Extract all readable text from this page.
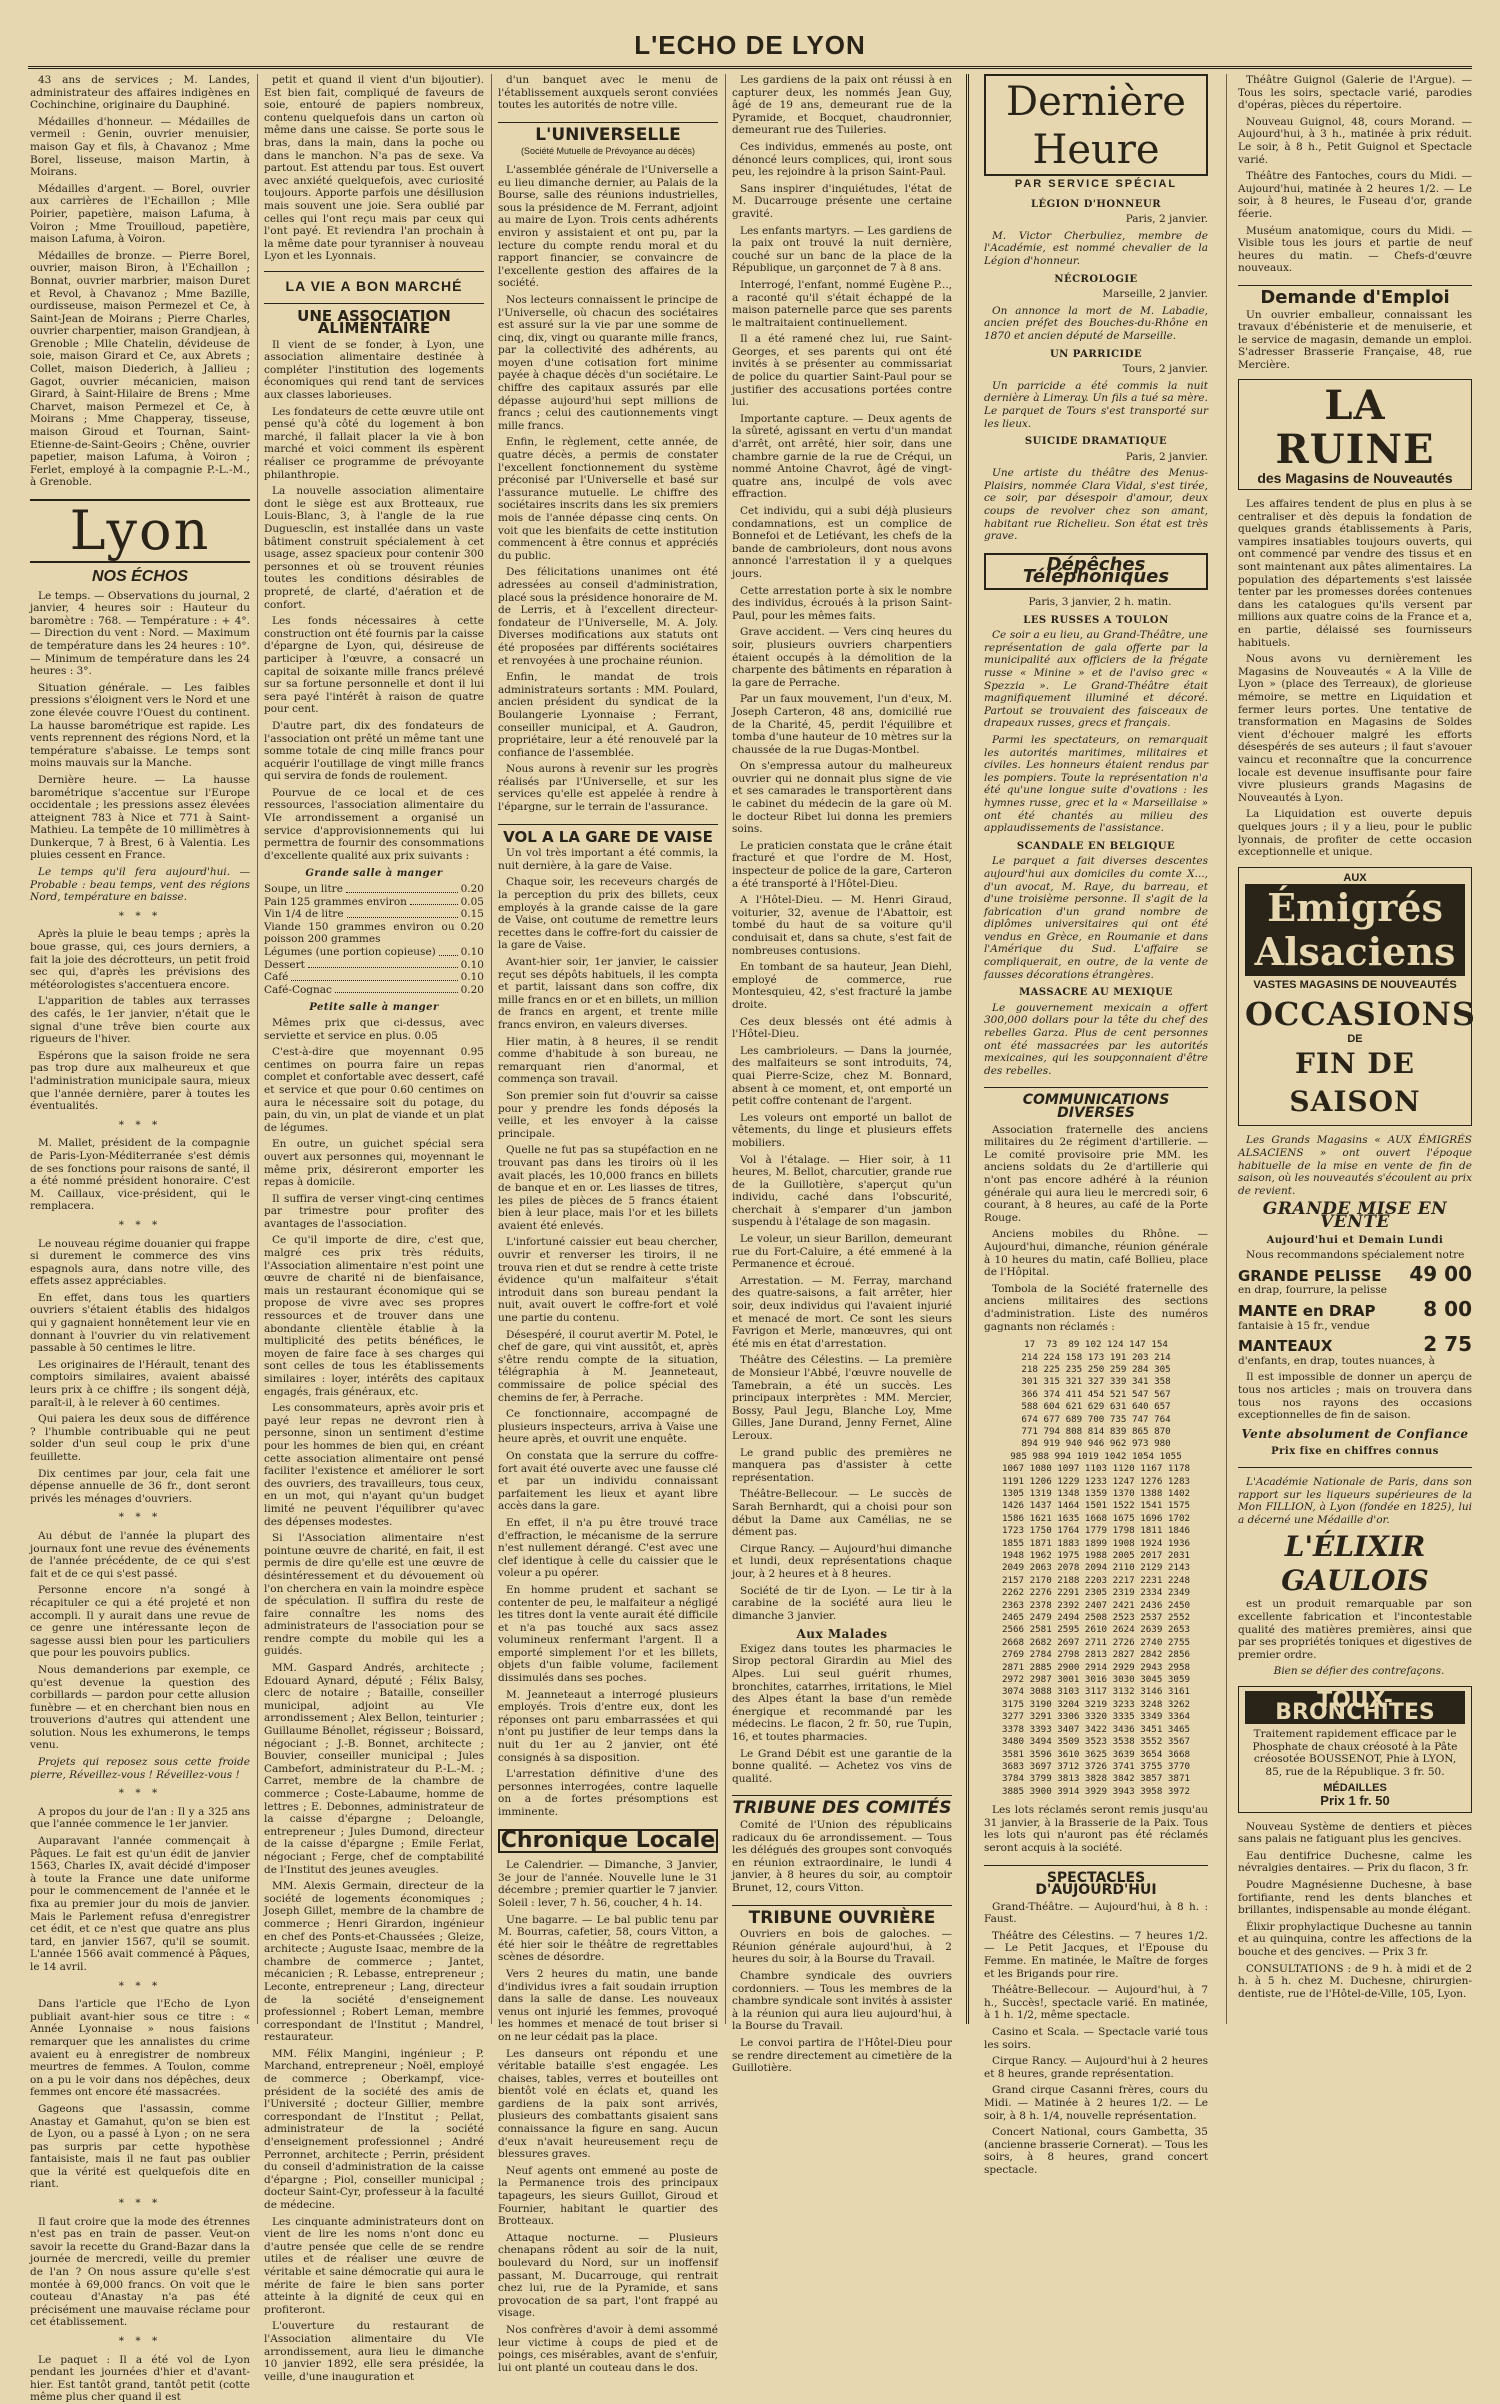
L'ECHO DE LYON

43 ans de services ; M. Landes, administrateur des affaires indigènes en Cochinchine, originaire du Dauphiné.

Médailles d'honneur. — Médailles de vermeil : Genin, ouvrier menuisier, maison Gay et fils, à Chavanoz ; Mme Borel, lisseuse, maison Martin, à Moirans.

Médailles d'argent. — Borel, ouvrier aux carrières de l'Echaillon ; Mlle Poirier, papetière, maison Lafuma, à Voiron ; Mme Trouilloud, papetière, maison Lafuma, à Voiron.

Médailles de bronze. — Pierre Borel, ouvrier, maison Biron, à l'Echaillon ; Bonnat, ouvrier marbrier, maison Duret et Revol, à Chavanoz ; Mme Bazille, ourdisseuse, maison Permezel et Ce, à Saint-Jean de Moirans ; Pierre Charles, ouvrier charpentier, maison Grandjean, à Grenoble ; Mlle Chatelin, dévideuse de soie, maison Girard et Ce, aux Abrets ; Collet, maison Diederich, à Jallieu ; Gagot, ouvrier mécanicien, maison Girard, à Saint-Hilaire de Brens ; Mme Charvet, maison Permezel et Ce, à Moirans ; Mme Chapperay, tisseuse, maison Giroud et Tournan, Saint-Etienne-de-Saint-Geoirs ; Chêne, ouvrier papetier, maison Lafuma, à Voiron ; Ferlet, employé à la compagnie P.-L.-M., à Grenoble.

Lyon
NOS ÉCHOS

Le temps. — Observations du journal, 2 janvier, 4 heures soir : Hauteur du baromètre : 768. — Température : + 4°. — Direction du vent : Nord. — Maximum de température dans les 24 heures : 10°. — Minimum de température dans les 24 heures : 3°.

Situation générale. — Les faibles pressions s'éloignent vers le Nord et une zone élevée couvre l'Ouest du continent. La hausse barométrique est rapide. Les vents reprennent des régions Nord, et la température s'abaisse. Le temps sont moins mauvais sur la Manche.

Dernière heure. — La hausse barométrique s'accentue sur l'Europe occidentale ; les pressions assez élevées atteignent 783 à Nice et 771 à Saint-Mathieu. La tempête de 10 millimètres à Dunkerque, 7 à Brest, 6 à Valentia. Les pluies cessent en France.

Le temps qu'il fera aujourd'hui. — Probable : beau temps, vent des régions Nord, température en baisse.

* * *

Après la pluie le beau temps ; après la boue grasse, qui, ces jours derniers, a fait la joie des décrotteurs, un petit froid sec qui, d'après les prévisions des météorologistes s'accentuera encore.

L'apparition de tables aux terrasses des cafés, le 1er janvier, n'était que le signal d'une trêve bien courte aux rigueurs de l'hiver.

Espérons que la saison froide ne sera pas trop dure aux malheureux et que l'administration municipale saura, mieux que l'année dernière, parer à toutes les éventualités.

* * *

M. Mallet, président de la compagnie de Paris-Lyon-Méditerranée s'est démis de ses fonctions pour raisons de santé, il a été nommé président honoraire. C'est M. Caillaux, vice-président, qui le remplacera.

* * *

Le nouveau régime douanier qui frappe si durement le commerce des vins espagnols aura, dans notre ville, des effets assez appréciables.

En effet, dans tous les quartiers ouvriers s'étaient établis des hidalgos qui y gagnaient honnêtement leur vie en donnant à l'ouvrier du vin relativement passable à 50 centimes le litre.

Les originaires de l'Hérault, tenant des comptoirs similaires, avaient abaissé leurs prix à ce chiffre ; ils songent déjà, paraît-il, à le relever à 60 centimes.

Qui paiera les deux sous de différence ? l'humble contribuable qui ne peut solder d'un seul coup le prix d'une feuillette.

Dix centimes par jour, cela fait une dépense annuelle de 36 fr., dont seront privés les ménages d'ouvriers.

* * *

Au début de l'année la plupart des journaux font une revue des événements de l'année précédente, de ce qui s'est fait et de ce qui s'est passé.

Personne encore n'a songé à récapituler ce qui a été projeté et non accompli. Il y aurait dans une revue de ce genre une intéressante leçon de sagesse aussi bien pour les particuliers que pour les pouvoirs publics.

Nous demanderions par exemple, ce qu'est devenue la question des corbillards — pardon pour cette allusion funèbre — et en cherchant bien nous en trouverions d'autres qui attendent une solution. Nous les exhumerons, le temps venu.

Projets qui reposez sous cette froide pierre, Réveillez-vous ! Réveillez-vous !

* * *

A propos du jour de l'an : Il y a 325 ans que l'année commence le 1er janvier.

Auparavant l'année commençait à Pâques. Le fait est qu'un édit de janvier 1563, Charles IX, avait décidé d'imposer à toute la France une date uniforme pour le commencement de l'année et le fixa au premier jour du mois de janvier. Mais le Parlement refusa d'enregistrer cet édit, et ce n'est que quatre ans plus tard, en janvier 1567, qu'il se soumit. L'année 1566 avait commencé à Pâques, le 14 avril.

* * *

Dans l'article que l'Echo de Lyon publiait avant-hier sous ce titre : « Année Lyonnaise » nous faisions remarquer que les annalistes du crime avaient eu à enregistrer de nombreux meurtres de femmes. A Toulon, comme on a pu le voir dans nos dépêches, deux femmes ont encore été massacrées.

Gageons que l'assassin, comme Anastay et Gamahut, qu'on se bien est de Lyon, ou a passé à Lyon ; on ne sera pas surpris par cette hypothèse fantaisiste, mais il ne faut pas oublier que la vérité est quelquefois dite en riant.

* * *

Il faut croire que la mode des étrennes n'est pas en train de passer. Veut-on savoir la recette du Grand-Bazar dans la journée de mercredi, veille du premier de l'an ? On nous assure qu'elle s'est montée à 69,000 francs. On voit que le couteau d'Anastay n'a pas été précisément une mauvaise réclame pour cet établissement.

* * *

Le paquet : Il a été vol de Lyon pendant les journées d'hier et d'avant-hier. Est tantôt grand, tantôt petit (cotte même plus cher quand il est

petit et quand il vient d'un bijoutier). Est bien fait, compliqué de faveurs de soie, entouré de papiers nombreux, contenu quelquefois dans un carton où même dans une caisse. Se porte sous le bras, dans la main, dans la poche ou dans le manchon. N'a pas de sexe. Va partout. Est attendu par tous. Est ouvert avec anxiété quelquefois, avec curiosité toujours. Apporte parfois une désillusion mais souvent une joie. Sera oublié par celles qui l'ont reçu mais par ceux qui l'ont payé. Et reviendra l'an prochain à la même date pour tyranniser à nouveau Lyon et les Lyonnais.

LA VIE A BON MARCHÉ
UNE ASSOCIATION ALIMENTAIRE

Il vient de se fonder, à Lyon, une association alimentaire destinée à compléter l'institution des logements économiques qui rend tant de services aux classes laborieuses.

Les fondateurs de cette œuvre utile ont pensé qu'à côté du logement à bon marché, il fallait placer la vie à bon marché et voici comment ils espèrent réaliser ce programme de prévoyante philanthropie.

La nouvelle association alimentaire dont le siège est aux Brotteaux, rue Louis-Blanc, 3, à l'angle de la rue Duguesclin, est installée dans un vaste bâtiment construit spécialement à cet usage, assez spacieux pour contenir 300 personnes et où se trouvent réunies toutes les conditions désirables de propreté, de clarté, d'aération et de confort.

Les fonds nécessaires à cette construction ont été fournis par la caisse d'épargne de Lyon, qui, désireuse de participer à l'œuvre, a consacré un capital de soixante mille francs prélevé sur sa fortune personnelle et dont il lui sera payé l'intérêt à raison de quatre pour cent.

D'autre part, dix des fondateurs de l'association ont prêté un même tant une somme totale de cinq mille francs pour acquérir l'outillage de vingt mille francs qui servira de fonds de roulement.

Pourvue de ce local et de ces ressources, l'association alimentaire du VIe arrondissement a organisé un service d'approvisionnements qui lui permettra de fournir des consommations d'excellente qualité aux prix suivants :

Grande salle à manger
Soupe, un litre	0.20
Pain 125 grammes environ	0.05
Vin 1/4 de litre	0.15
Viande 150 grammes environ ou poisson 200 grammes
0.20
Légumes (une portion copieuse) 0.10
Dessert	0.10
Café	0.10
Café-Cognac	0.20
Petite salle à manger

Mêmes prix que ci-dessus, avec serviette et service en plus. 0.05

C'est-à-dire que moyennant 0.95 centimes on pourra faire un repas complet et confortable avec dessert, café et service et que pour 0.60 centimes on aura le nécessaire soit du potage, du pain, du vin, un plat de viande et un plat de légumes.

En outre, un guichet spécial sera ouvert aux personnes qui, moyennant le même prix, désireront emporter les repas à domicile.

Il suffira de verser vingt-cinq centimes par trimestre pour profiter des avantages de l'association.

Ce qu'il importe de dire, c'est que, malgré ces prix très réduits, l'Association alimentaire n'est point une œuvre de charité ni de bienfaisance, mais un restaurant économique qui se propose de vivre avec ses propres ressources et de trouver dans une abondante clientèle établie à la multiplicité des petits bénéfices, le moyen de faire face à ses charges qui sont celles de tous les établissements similaires : loyer, intérêts des capitaux engagés, frais généraux, etc.

Les consommateurs, après avoir pris et payé leur repas ne devront rien à personne, sinon un sentiment d'estime pour les hommes de bien qui, en créant cette association alimentaire ont pensé faciliter l'existence et améliorer le sort des ouvriers, des travailleurs, tous ceux, en un mot, qui n'ayant qu'un budget limité ne peuvent l'équilibrer qu'avec des dépenses modestes.

Si l'Association alimentaire n'est pointune œuvre de charité, en fait, il est permis de dire qu'elle est une œuvre de désintéressement et du dévouement où l'on cherchera en vain la moindre espèce de spéculation. Il suffira du reste de faire connaître les noms des administrateurs de l'association pour se rendre compte du mobile qui les a guidés.

MM. Gaspard Andrés, architecte ; Edouard Aynard, député ; Félix Balsy, clerc de notaire ; Bataille, conseiller municipal, adjoint au VIe arrondissement ; Alex Bellon, teinturier ; Guillaume Bénollet, régisseur ; Boissard, négociant ; J.-B. Bonnet, architecte ; Bouvier, conseiller municipal ; Jules Cambefort, administrateur du P.-L.-M. ; Carret, membre de la chambre de commerce ; Coste-Labaume, homme de lettres ; E. Debonnes, administrateur de la caisse d'épargne ; Deloangle, entrepreneur ; Jules Dumond, directeur de la caisse d'épargne ; Emile Ferlat, négociant ; Ferge, chef de comptabilité de l'Institut des jeunes aveugles.

MM. Alexis Germain, directeur de la société de logements économiques ; Joseph Gillet, membre de la chambre de commerce ; Henri Girardon, ingénieur en chef des Ponts-et-Chaussées ; Gleize, architecte ; Auguste Isaac, membre de la chambre de commerce ; Jantet, mécanicien ; R. Lebasse, entrepreneur ; Leconte, entrepreneur ; Lang, directeur de la société d'enseignement professionnel ; Robert Leman, membre correspondant de l'Institut ; Mandrel, restaurateur.

MM. Félix Mangini, ingénieur ; P. Marchand, entrepreneur ; Noël, employé de commerce ; Oberkampf, vice-président de la société des amis de l'Université ; docteur Gillier, membre correspondant de l'Institut ; Pellat, administrateur de la société d'enseignement professionnel ; André Perronnet, architecte ; Perrin, président du conseil d'administration de la caisse d'épargne ; Piol, conseiller municipal ; docteur Saint-Cyr, professeur à la faculté de médecine.

Les cinquante administrateurs dont on vient de lire les noms n'ont donc eu d'autre pensée que celle de se rendre utiles et de réaliser une œuvre de véritable et saine démocratie qui aura le mérite de faire le bien sans porter atteinte à la dignité de ceux qui en profiteront.

L'ouverture du restaurant de l'Association alimentaire du VIe arrondissement, aura lieu le dimanche 10 janvier 1892, elle sera présidée, la veille, d'une inauguration et

d'un banquet avec le menu de l'établissement auxquels seront conviées toutes les autorités de notre ville.

L'UNIVERSELLE
(Société Mutuelle de Prévoyance au décès)

L'assemblée générale de l'Universelle a eu lieu dimanche dernier, au Palais de la Bourse, salle des réunions industrielles, sous la présidence de M. Ferrant, adjoint au maire de Lyon. Trois cents adhérents environ y assistaient et ont pu, par la lecture du compte rendu moral et du rapport financier, se convaincre de l'excellente gestion des affaires de la société.

Nos lecteurs connaissent le principe de l'Universelle, où chacun des sociétaires est assuré sur la vie par une somme de cinq, dix, vingt ou quarante mille francs, par la collectivité des adhérents, au moyen d'une cotisation fort minime payée à chaque décès d'un sociétaire. Le chiffre des capitaux assurés par elle dépasse aujourd'hui sept millions de francs ; celui des cautionnements vingt mille francs.

Enfin, le règlement, cette année, de quatre décès, a permis de constater l'excellent fonctionnement du système préconisé par l'Universelle et basé sur l'assurance mutuelle. Le chiffre des sociétaires inscrits dans les six premiers mois de l'année dépasse cinq cents. On voit que les bienfaits de cette institution commencent à être connus et appréciés du public.

Des félicitations unanimes ont été adressées au conseil d'administration, placé sous la présidence honoraire de M. de Lerris, et à l'excellent directeur-fondateur de l'Universelle, M. A. Joly. Diverses modifications aux statuts ont été proposées par différents sociétaires et renvoyées à une prochaine réunion.

Enfin, le mandat de trois administrateurs sortants : MM. Poulard, ancien président du syndicat de la Boulangerie Lyonnaise ; Ferrant, conseiller municipal, et A. Gaudron, propriétaire, leur a été renouvelé par la confiance de l'assemblée.

Nous aurons à revenir sur les progrès réalisés par l'Universelle, et sur les services qu'elle est appelée à rendre à l'épargne, sur le terrain de l'assurance.

VOL A LA GARE DE VAISE

Un vol très important a été commis, la nuit dernière, à la gare de Vaise.

Chaque soir, les receveurs chargés de la perception du prix des billets, ceux employés à la grande caisse de la gare de Vaise, ont coutume de remettre leurs recettes dans le coffre-fort du caissier de la gare de Vaise.

Avant-hier soir, 1er janvier, le caissier reçut ses dépôts habituels, il les compta et partit, laissant dans son coffre, dix mille francs en or et en billets, un million de francs en argent, et trente mille francs environ, en valeurs diverses.

Hier matin, à 8 heures, il se rendit comme d'habitude à son bureau, ne remarquant rien d'anormal, et commença son travail.

Son premier soin fut d'ouvrir sa caisse pour y prendre les fonds déposés la veille, et les envoyer à la caisse principale.

Quelle ne fut pas sa stupéfaction en ne trouvant pas dans les tiroirs où il les avait placés, les 10,000 francs en billets de banque et en or. Les liasses de titres, les piles de pièces de 5 francs étaient bien à leur place, mais l'or et les billets avaient été enlevés.

L'infortuné caissier eut beau chercher, ouvrir et renverser les tiroirs, il ne trouva rien et dut se rendre à cette triste évidence qu'un malfaiteur s'était introduit dans son bureau pendant la nuit, avait ouvert le coffre-fort et volé une partie du contenu.

Désespéré, il courut avertir M. Potel, le chef de gare, qui vint aussitôt, et, après s'être rendu compte de la situation, télégraphia à M. Jeanneteaut, commissaire de police spécial des chemins de fer, à Perrache.

Ce fonctionnaire, accompagné de plusieurs inspecteurs, arriva à Vaise une heure après, et ouvrit une enquête.

On constata que la serrure du coffre-fort avait été ouverte avec une fausse clé et par un individu connaissant parfaitement les lieux et ayant libre accès dans la gare.

En effet, il n'a pu être trouvé trace d'effraction, le mécanisme de la serrure n'est nullement dérangé. C'est avec une clef identique à celle du caissier que le voleur a pu opérer.

En homme prudent et sachant se contenter de peu, le malfaiteur a négligé les titres dont la vente aurait été difficile et n'a pas touché aux sacs assez volumineux renfermant l'argent. Il a emporté simplement l'or et les billets, objets d'un faible volume, facilement dissimulés dans ses poches.

M. Jeanneteaut a interrogé plusieurs employés. Trois d'entre eux, dont les réponses ont paru embarrassées et qui n'ont pu justifier de leur temps dans la nuit du 1er au 2 janvier, ont été consignés à sa disposition.

L'arrestation définitive d'une des personnes interrogées, contre laquelle on a de fortes présomptions est imminente.

Chronique Locale

Le Calendrier. — Dimanche, 3 Janvier, 3e jour de l'année. Nouvelle lune le 31 décembre ; premier quartier le 7 janvier. Soleil : lever, 7 h. 56, coucher, 4 h. 14.

Une bagarre. — Le bal public tenu par M. Bourras, cafetier, 58, cours Vitton, a été hier soir le théâtre de regrettables scènes de désordre.

Vers 2 heures du matin, une bande d'individus ivres a fait soudain irruption dans la salle de danse. Les nouveaux venus ont injurié les femmes, provoqué les hommes et menacé de tout briser si on ne leur cédait pas la place.

Les danseurs ont répondu et une véritable bataille s'est engagée. Les chaises, tables, verres et bouteilles ont bientôt volé en éclats et, quand les gardiens de la paix sont arrivés, plusieurs des combattants gisaient sans connaissance la figure en sang. Aucun d'eux n'avait heureusement reçu de blessures graves.

Neuf agents ont emmené au poste de la Permanence trois des principaux tapageurs, les sieurs Guillot, Giroud et Fournier, habitant le quartier des Brotteaux.

Attaque nocturne. — Plusieurs chenapans rôdent au soir de la nuit, boulevard du Nord, sur un inoffensif passant, M. Ducarrouge, qui rentrait chez lui, rue de la Pyramide, et sans provocation de sa part, l'ont frappé au visage.

Nos confrères d'avoir à demi assommé leur victime à coups de pied et de poings, ces misérables, avant de s'enfuir, lui ont planté un couteau dans le dos.

Les gardiens de la paix ont réussi à en capturer deux, les nommés Jean Guy, âgé de 19 ans, demeurant rue de la Pyramide, et Bocquet, chaudronnier, demeurant rue des Tuileries.

Ces individus, emmenés au poste, ont dénoncé leurs complices, qui, iront sous peu, les rejoindre à la prison Saint-Paul.

Sans inspirer d'inquiétudes, l'état de M. Ducarrouge présente une certaine gravité.

Les enfants martyrs. — Les gardiens de la paix ont trouvé la nuit dernière, couché sur un banc de la place de la République, un garçonnet de 7 à 8 ans.

Interrogé, l'enfant, nommé Eugène P..., a raconté qu'il s'était échappé de la maison paternelle parce que ses parents le maltraitaient continuellement.

Il a été ramené chez lui, rue Saint-Georges, et ses parents qui ont été invités à se présenter au commissariat de police du quartier Saint-Paul pour se justifier des accusations portées contre lui.

Importante capture. — Deux agents de la sûreté, agissant en vertu d'un mandat d'arrêt, ont arrêté, hier soir, dans une chambre garnie de la rue de Créqui, un nommé Antoine Chavrot, âgé de vingt-quatre ans, inculpé de vols avec effraction.

Cet individu, qui a subi déjà plusieurs condamnations, est un complice de Bonnefoi et de Letiévant, les chefs de la bande de cambrioleurs, dont nous avons annoncé l'arrestation il y a quelques jours.

Cette arrestation porte à six le nombre des individus, écroués à la prison Saint-Paul, pour les mêmes faits.

Grave accident. — Vers cinq heures du soir, plusieurs ouvriers charpentiers étaient occupés à la démolition de la charpente des bâtiments en réparation à la gare de Perrache.

Par un faux mouvement, l'un d'eux, M. Joseph Carteron, 48 ans, domicilié rue de la Charité, 45, perdit l'équilibre et tomba d'une hauteur de 10 mètres sur la chaussée de la rue Dugas-Montbel.

On s'empressa autour du malheureux ouvrier qui ne donnait plus signe de vie et ses camarades le transportèrent dans le cabinet du médecin de la gare où M. le docteur Ribet lui donna les premiers soins.

Le praticien constata que le crâne était fracturé et que l'ordre de M. Host, inspecteur de police de la gare, Carteron a été transporté à l'Hôtel-Dieu.

A l'Hôtel-Dieu. — M. Henri Giraud, voiturier, 32, avenue de l'Abattoir, est tombé du haut de sa voiture qu'il conduisait et, dans sa chute, s'est fait de nombreuses contusions.

En tombant de sa hauteur, Jean Diehl, employé de commerce, rue Montesquieu, 42, s'est fracturé la jambe droite.

Ces deux blessés ont été admis à l'Hôtel-Dieu.

Les cambrioleurs. — Dans la journée, des malfaiteurs se sont introduits, 74, quai Pierre-Scize, chez M. Bonnard, absent à ce moment, et, ont emporté un petit coffre contenant de l'argent.

Les voleurs ont emporté un ballot de vêtements, du linge et plusieurs effets mobiliers.

Vol à l'étalage. — Hier soir, à 11 heures, M. Bellot, charcutier, grande rue de la Guillotière, s'aperçut qu'un individu, caché dans l'obscurité, cherchait à s'emparer d'un jambon suspendu à l'étalage de son magasin.

Le voleur, un sieur Barillon, demeurant rue du Fort-Caluire, a été emmené à la Permanence et écroué.

Arrestation. — M. Ferray, marchand des quatre-saisons, a fait arrêter, hier soir, deux individus qui l'avaient injurié et menacé de mort. Ce sont les sieurs Favrigon et Merle, manœuvres, qui ont été mis en état d'arrestation.

Théâtre des Célestins. — La première de Monsieur l'Abbé, l'œuvre nouvelle de Tamebrain, a été un succès. Les principaux interprètes : MM. Mercier, Bossy, Paul Jegu, Blanche Loy, Mme Gilles, Jane Durand, Jenny Fernet, Aline Leroux.

Le grand public des premières ne manquera pas d'assister à cette représentation.

Théâtre-Bellecour. — Le succès de Sarah Bernhardt, qui a choisi pour son début la Dame aux Camélias, ne se dément pas.

Cirque Rancy. — Aujourd'hui dimanche et lundi, deux représentations chaque jour, à 2 heures et à 8 heures.

Société de tir de Lyon. — Le tir à la carabine de la société aura lieu le dimanche 3 janvier.

Aux Malades

Exigez dans toutes les pharmacies le Sirop pectoral Girardin au Miel des Alpes. Lui seul guérit rhumes, bronchites, catarrhes, irritations, le Miel des Alpes étant la base d'un remède énergique et recommandé par les médecins. Le flacon, 2 fr. 50, rue Tupin, 16, et toutes pharmacies.

Le Grand Débit est une garantie de la bonne qualité. — Achetez vos vins de qualité.

TRIBUNE DES COMITÉS

Comité de l'Union des républicains radicaux du 6e arrondissement. — Tous les délégués des groupes sont convoqués en réunion extraordinaire, le lundi 4 janvier, à 8 heures du soir, au comptoir Brunet, 12, cours Vitton.

TRIBUNE OUVRIÈRE

Ouvriers en bois de galoches. — Réunion générale aujourd'hui, à 2 heures du soir, à la Bourse du Travail.

Chambre syndicale des ouvriers cordonniers. — Tous les membres de la chambre syndicale sont invités à assister à la réunion qui aura lieu aujourd'hui, à la Bourse du Travail.

Le convoi partira de l'Hôtel-Dieu pour se rendre directement au cimetière de la Guillotière.

Dernière Heure
PAR SERVICE SPÉCIAL
LÉGION D'HONNEUR

Paris, 2 janvier.

M. Victor Cherbuliez, membre de l'Académie, est nommé chevalier de la Légion d'honneur.

NÉCROLOGIE

Marseille, 2 janvier.

On annonce la mort de M. Labadie, ancien préfet des Bouches-du-Rhône en 1870 et ancien député de Marseille.

UN PARRICIDE

Tours, 2 janvier.

Un parricide a été commis la nuit dernière à Limeray. Un fils a tué sa mère. Le parquet de Tours s'est transporté sur les lieux.

SUICIDE DRAMATIQUE

Paris, 2 janvier.

Une artiste du théâtre des Menus-Plaisirs, nommée Clara Vidal, s'est tirée, ce soir, par désespoir d'amour, deux coups de revolver chez son amant, habitant rue Richelieu. Son état est très grave.

Dépêches Téléphoniques

Paris, 3 janvier, 2 h. matin.

LES RUSSES A TOULON

Ce soir a eu lieu, au Grand-Théâtre, une représentation de gala offerte par la municipalité aux officiers de la frégate russe « Minine » et de l'aviso grec « Spezzia ». Le Grand-Théâtre était magnifiquement illuminé et décoré. Partout se trouvaient des faisceaux de drapeaux russes, grecs et français.

Parmi les spectateurs, on remarquait les autorités maritimes, militaires et civiles. Les honneurs étaient rendus par les pompiers. Toute la représentation n'a été qu'une longue suite d'ovations : les hymnes russe, grec et la « Marseillaise » ont été chantés au milieu des applaudissements de l'assistance.

SCANDALE EN BELGIQUE

Le parquet a fait diverses descentes aujourd'hui aux domiciles du comte X..., d'un avocat, M. Raye, du barreau, et d'une troisième personne. Il s'agit de la fabrication d'un grand nombre de diplômes universitaires qui ont été vendus en Grèce, en Roumanie et dans l'Amérique du Sud. L'affaire se compliquerait, en outre, de la vente de fausses décorations étrangères.

MASSACRE AU MEXIQUE

Le gouvernement mexicain a offert 300,000 dollars pour la tête du chef des rebelles Garza. Plus de cent personnes ont été massacrées par les autorités mexicaines, qui les soupçonnaient d'être des rebelles.

COMMUNICATIONS DIVERSES

Association fraternelle des anciens militaires du 2e régiment d'artillerie. — Le comité provisoire prie MM. les anciens soldats du 2e d'artillerie qui n'ont pas encore adhéré à la réunion générale qui aura lieu le mercredi soir, 6 courant, à 8 heures, au café de la Porte Rouge.

Anciens mobiles du Rhône. — Aujourd'hui, dimanche, réunion générale à 10 heures du matin, café Bollieu, place de l'Hôpital.

Tombola de la Société fraternelle des anciens militaires des sections d'administration. Liste des numéros gagnants non réclamés :

17  73  89 102 124 147 154
214 224 158 173 191 203 214
218 225 235 250 259 284 305
301 315 321 327 339 341 358
366 374 411 454 521 547 567
588 604 621 629 631 640 657
674 677 689 700 735 747 764
771 794 808 814 839 865 870
894 919 940 946 962 973 980
985 988 994 1019 1042 1054 1055
1067 1080 1097 1103 1120 1167 1178
1191 1206 1229 1233 1247 1276 1283
1305 1319 1348 1359 1370 1388 1402
1426 1437 1464 1501 1522 1541 1575
1586 1621 1635 1668 1675 1696 1702
1723 1750 1764 1779 1798 1811 1846
1855 1871 1883 1899 1908 1924 1936
1948 1962 1975 1988 2005 2017 2031
2049 2063 2078 2094 2110 2129 2143
2157 2170 2188 2203 2217 2231 2248
2262 2276 2291 2305 2319 2334 2349
2363 2378 2392 2407 2421 2436 2450
2465 2479 2494 2508 2523 2537 2552
2566 2581 2595 2610 2624 2639 2653
2668 2682 2697 2711 2726 2740 2755
2769 2784 2798 2813 2827 2842 2856
2871 2885 2900 2914 2929 2943 2958
2972 2987 3001 3016 3030 3045 3059
3074 3088 3103 3117 3132 3146 3161
3175 3190 3204 3219 3233 3248 3262
3277 3291 3306 3320 3335 3349 3364
3378 3393 3407 3422 3436 3451 3465
3480 3494 3509 3523 3538 3552 3567
3581 3596 3610 3625 3639 3654 3668
3683 3697 3712 3726 3741 3755 3770
3784 3799 3813 3828 3842 3857 3871
3885 3900 3914 3929 3943 3958 3972

Les lots réclamés seront remis jusqu'au 31 janvier, à la Brasserie de la Paix. Tous les lots qui n'auront pas été réclamés seront acquis à la société.

SPECTACLES D'AUJOURD'HUI

Grand-Théâtre. — Aujourd'hui, à 8 h. : Faust.

Théâtre des Célestins. — 7 heures 1/2. — Le Petit Jacques, et l'Epouse du Femme. En matinée, le Maître de forges et les Brigands pour rire.

Théâtre-Bellecour. — Aujourd'hui, à 7 h., Succès!, spectacle varié. En matinée, à 1 h. 1/2, même spectacle.

Casino et Scala. — Spectacle varié tous les soirs.

Cirque Rancy. — Aujourd'hui à 2 heures et 8 heures, grande représentation.

Grand cirque Casanni frères, cours du Midi. — Matinée à 2 heures 1/2. — Le soir, à 8 h. 1/4, nouvelle représentation.

Concert National, cours Gambetta, 35 (ancienne brasserie Cornerat). — Tous les soirs, à 8 heures, grand concert spectacle.

Théâtre Guignol (Galerie de l'Argue). — Tous les soirs, spectacle varié, parodies d'opéras, pièces du répertoire.

Nouveau Guignol, 48, cours Morand. — Aujourd'hui, à 3 h., matinée à prix réduit. Le soir, à 8 h., Petit Guignol et Spectacle varié.

Théâtre des Fantoches, cours du Midi. — Aujourd'hui, matinée à 2 heures 1/2. — Le soir, à 8 heures, le Fuseau d'or, grande féerie.

Muséum anatomique, cours du Midi. — Visible tous les jours et partie de neuf heures du matin. — Chefs-d'œuvre nouveaux.

Demande d'Emploi

Un ouvrier emballeur, connaissant les travaux d'ébénisterie et de menuiserie, et le service de magasin, demande un emploi. S'adresser Brasserie Française, 48, rue Mercière.

LA RUINE
des Magasins de Nouveautés

Les affaires tendent de plus en plus à se centraliser et dès depuis la fondation de quelques grands établissements à Paris, vampires insatiables toujours ouverts, qui ont commencé par vendre des tissus et en sont maintenant aux pâtes alimentaires. La population des départements s'est laissée tenter par les promesses dorées contenues dans les catalogues qu'ils versent par millions aux quatre coins de la France et a, en partie, délaissé ses fournisseurs habituels.

Nous avons vu dernièrement les Magasins de Nouveautés « A la Ville de Lyon » (place des Terreaux), de glorieuse mémoire, se mettre en Liquidation et fermer leurs portes. Une tentative de transformation en Magasins de Soldes vient d'échouer malgré les efforts désespérés de ses auteurs ; il faut s'avouer vaincu et reconnaître que la concurrence locale est devenue insuffisante pour faire vivre plusieurs grands Magasins de Nouveautés à Lyon.

La Liquidation est ouverte depuis quelques jours ; il y a lieu, pour le public lyonnais, de profiter de cette occasion exceptionnelle et unique.

AUX
Émigrés Alsaciens
VASTES MAGASINS DE NOUVEAUTÉS
OCCASIONS
DE
FIN DE SAISON

Les Grands Magasins « AUX ÉMIGRÉS ALSACIENS » ont ouvert l'époque habituelle de la mise en vente de fin de saison, où les nouveautés s'écoulent au prix de revient.

GRANDE MISE EN VENTE
Aujourd'hui et Demain Lundi

Nous recommandons spécialement notre

GRANDE PELISSE 49 00

en drap, fourrure, la pelisse

MANTE en DRAP 8 00

fantaisie à 15 fr., vendue

MANTEAUX	2 75

d'enfants, en drap, toutes nuances, à

Il est impossible de donner un aperçu de tous nos articles ; mais on trouvera dans tous nos rayons des occasions exceptionnelles de fin de saison.

Vente absolument de Confiance
Prix fixe en chiffres connus

L'Académie Nationale de Paris, dans son rapport sur les liqueurs supérieures de la Mon FILLION, à Lyon (fondée en 1825), lui a décerné une Médaille d'or.

L'ÉLIXIR GAULOIS

est un produit remarquable par son excellente fabrication et l'incontestable qualité des matières premières, ainsi que par ses propriétés toniques et digestives de premier ordre.

Bien se défier des contrefaçons.

TOUX-BRONCHITES

Traitement rapidement efficace par le Phosphate de chaux créosoté à la Pâte créosotée BOUSSENOT, Phie à LYON, 85, rue de la République. 3 fr. 50.

MÉDAILLES
Prix 1 fr. 50

Nouveau Système de dentiers et pièces sans palais ne fatiguant plus les gencives.

Eau dentifrice Duchesne, calme les névralgies dentaires. — Prix du flacon, 3 fr.

Poudre Magnésienne Duchesne, à base fortifiante, rend les dents blanches et brillantes, indispensable au monde élégant.

Élixir prophylactique Duchesne au tannin et au quinquina, contre les affections de la bouche et des gencives. — Prix 3 fr.

CONSULTATIONS : de 9 h. à midi et de 2 h. à 5 h. chez M. Duchesne, chirurgien-dentiste, rue de l'Hôtel-de-Ville, 105, Lyon.
